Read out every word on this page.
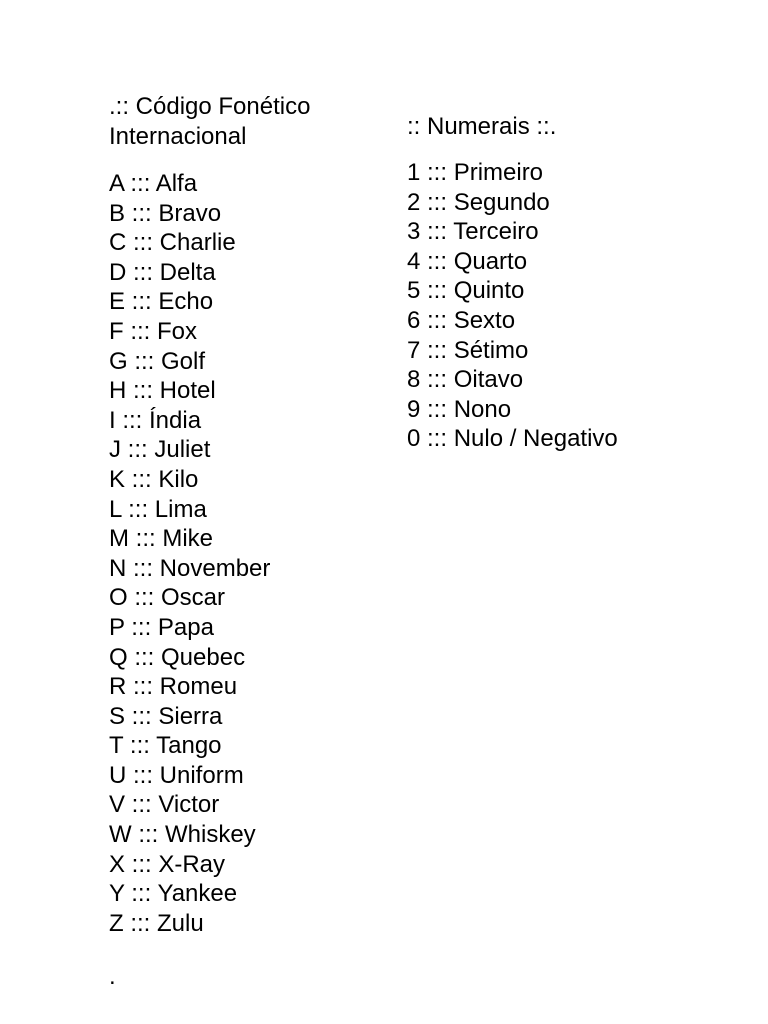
.:: Código Fonético Internacional
A ::: Alfa
B ::: Bravo
C ::: Charlie
D ::: Delta
E ::: Echo
F ::: Fox
G ::: Golf
H ::: Hotel
I ::: Índia
J ::: Juliet
K ::: Kilo
L ::: Lima
M ::: Mike
N ::: November
O ::: Oscar
P ::: Papa
Q ::: Quebec
R ::: Romeu
S ::: Sierra
T ::: Tango
U ::: Uniform
V ::: Victor
W ::: Whiskey
X ::: X-Ray
Y ::: Yankee
Z ::: Zulu
:: Numerais ::.
1 ::: Primeiro
2 ::: Segundo
3 ::: Terceiro
4 ::: Quarto
5 ::: Quinto
6 ::: Sexto
7 ::: Sétimo
8 ::: Oitavo
9 ::: Nono
0 ::: Nulo / Negativo

.
